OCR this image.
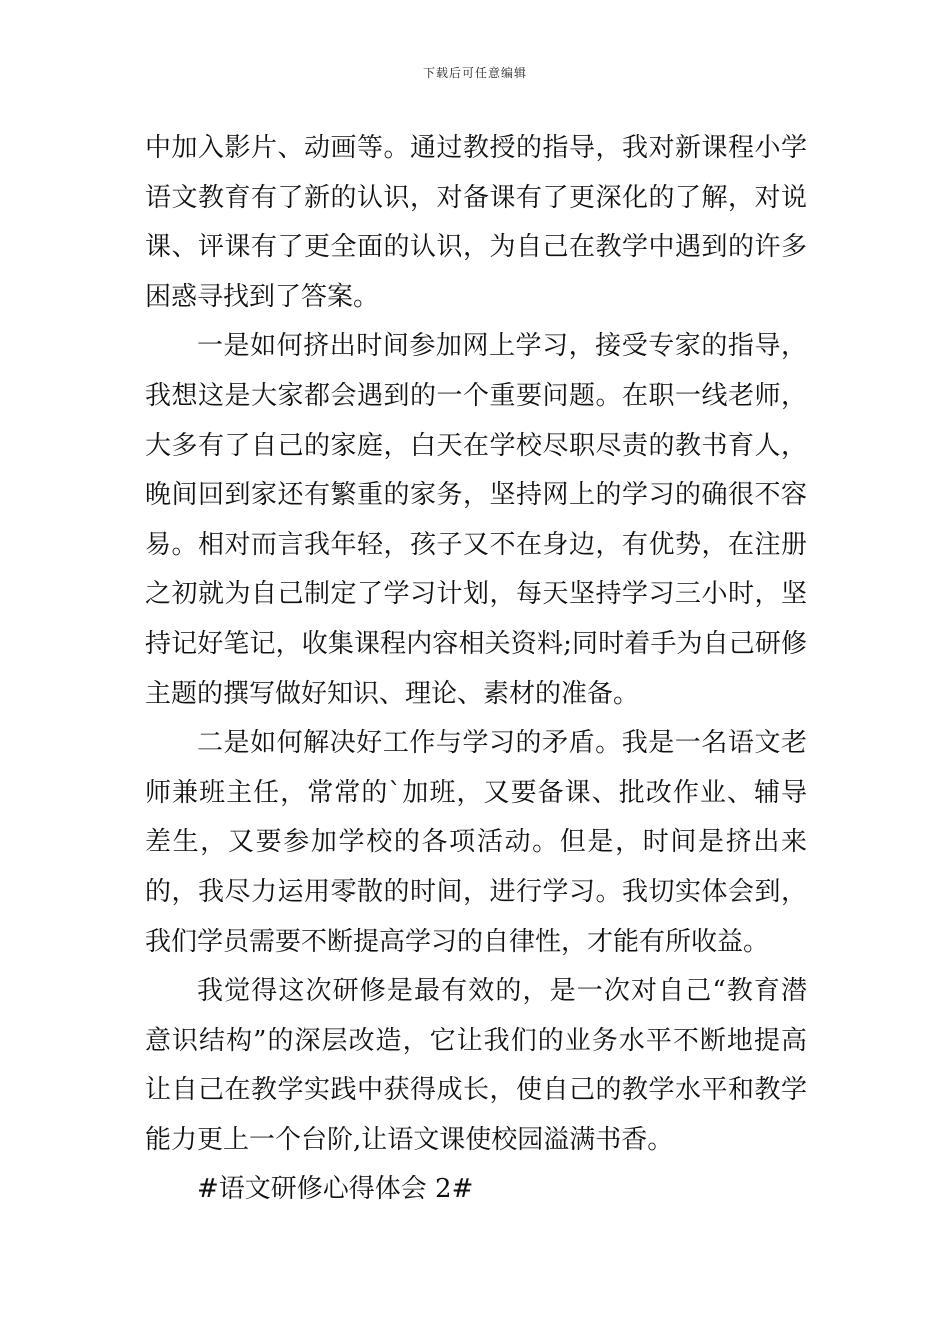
下载后可任意编辑

中加入影片、动画等。通过教授的指导，我对新课程小学语文教育有了新的认识，对备课有了更深化的了解，对说课、评课有了更全面的认识，为自己在教学中遇到的许多困惑寻找到了答案。

一是如何挤出时间参加网上学习，接受专家的指导，我想这是大家都会遇到的一个重要问题。在职一线老师，大多有了自己的家庭，白天在学校尽职尽责的教书育人，晚间回到家还有繁重的家务，坚持网上的学习的确很不容易。相对而言我年轻，孩子又不在身边，有优势，在注册之初就为自己制定了学习计划，每天坚持学习三小时，坚持记好笔记，收集课程内容相关资料;同时着手为自己研修主题的撰写做好知识、理论、素材的准备。

二是如何解决好工作与学习的矛盾。我是一名语文老师兼班主任，常常的`加班，又要备课、批改作业、辅导差生，又要参加学校的各项活动。但是，时间是挤出来的，我尽力运用零散的时间，进行学习。我切实体会到，我们学员需要不断提高学习的自律性，才能有所收益。

我觉得这次研修是最有效的，是一次对自己“教育潜意识结构”的深层改造，它让我们的业务水平不断地提高让自己在教学实践中获得成长，使自己的教学水平和教学能力更上一个台阶,让语文课使校园溢满书香。

#语文研修心得体会 2#
